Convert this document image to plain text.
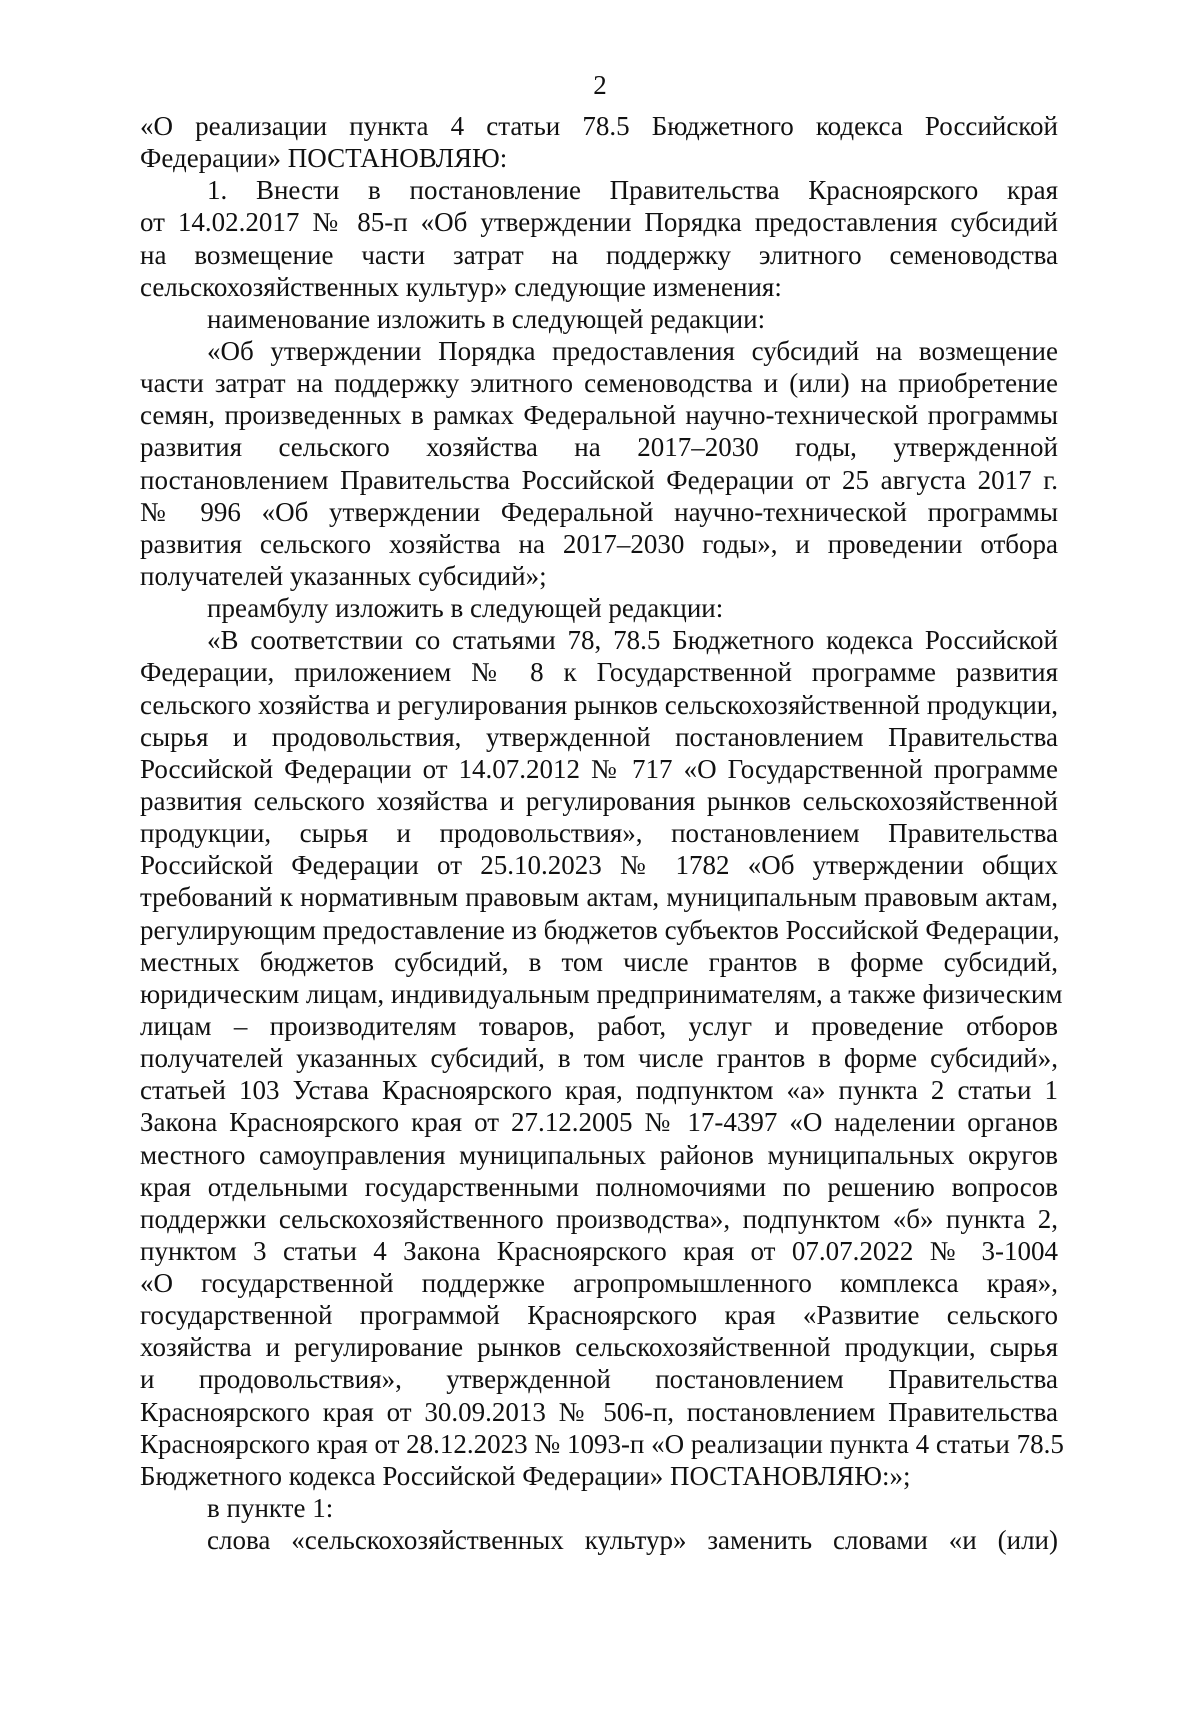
2
«О реализации пункта 4 статьи 78.5 Бюджетного кодекса Российской
Федерации» ПОСТАНОВЛЯЮ:
1. Внести в постановление Правительства Красноярского края
от 14.02.2017 № 85-п «Об утверждении Порядка предоставления субсидий
на возмещение части затрат на поддержку элитного семеноводства
сельскохозяйственных культур» следующие изменения:
наименование изложить в следующей редакции:
«Об утверждении Порядка предоставления субсидий на возмещение
части затрат на поддержку элитного семеноводства и (или) на приобретение
семян, произведенных в рамках Федеральной научно-технической программы
развития сельского хозяйства на 2017–2030 годы, утвержденной
постановлением Правительства Российской Федерации от 25 августа 2017 г.
№ 996 «Об утверждении Федеральной научно-технической программы
развития сельского хозяйства на 2017–2030 годы», и проведении отбора
получателей указанных субсидий»;
преамбулу изложить в следующей редакции:
«В соответствии со статьями 78, 78.5 Бюджетного кодекса Российской
Федерации, приложением № 8 к Государственной программе развития
сельского хозяйства и регулирования рынков сельскохозяйственной продукции,
сырья и продовольствия, утвержденной постановлением Правительства
Российской Федерации от 14.07.2012 № 717 «О Государственной программе
развития сельского хозяйства и регулирования рынков сельскохозяйственной
продукции, сырья и продовольствия», постановлением Правительства
Российской Федерации от 25.10.2023 № 1782 «Об утверждении общих
требований к нормативным правовым актам, муниципальным правовым актам,
регулирующим предоставление из бюджетов субъектов Российской Федерации,
местных бюджетов субсидий, в том числе грантов в форме субсидий,
юридическим лицам, индивидуальным предпринимателям, а также физическим
лицам – производителям товаров, работ, услуг и проведение отборов
получателей указанных субсидий, в том числе грантов в форме субсидий»,
статьей 103 Устава Красноярского края, подпунктом «а» пункта 2 статьи 1
Закона Красноярского края от 27.12.2005 № 17-4397 «О наделении органов
местного самоуправления муниципальных районов муниципальных округов
края отдельными государственными полномочиями по решению вопросов
поддержки сельскохозяйственного производства», подпунктом «б» пункта 2,
пунктом 3 статьи 4 Закона Красноярского края от 07.07.2022 № 3-1004
«О государственной поддержке агропромышленного комплекса края»,
государственной программой Красноярского края «Развитие сельского
хозяйства и регулирование рынков сельскохозяйственной продукции, сырья
и продовольствия», утвержденной постановлением Правительства
Красноярского края от 30.09.2013 № 506-п, постановлением Правительства
Красноярского края от 28.12.2023 № 1093-п «О реализации пункта 4 статьи 78.5
Бюджетного кодекса Российской Федерации» ПОСТАНОВЛЯЮ:»;
в пункте 1:
слова «сельскохозяйственных культур» заменить словами «и (или)
